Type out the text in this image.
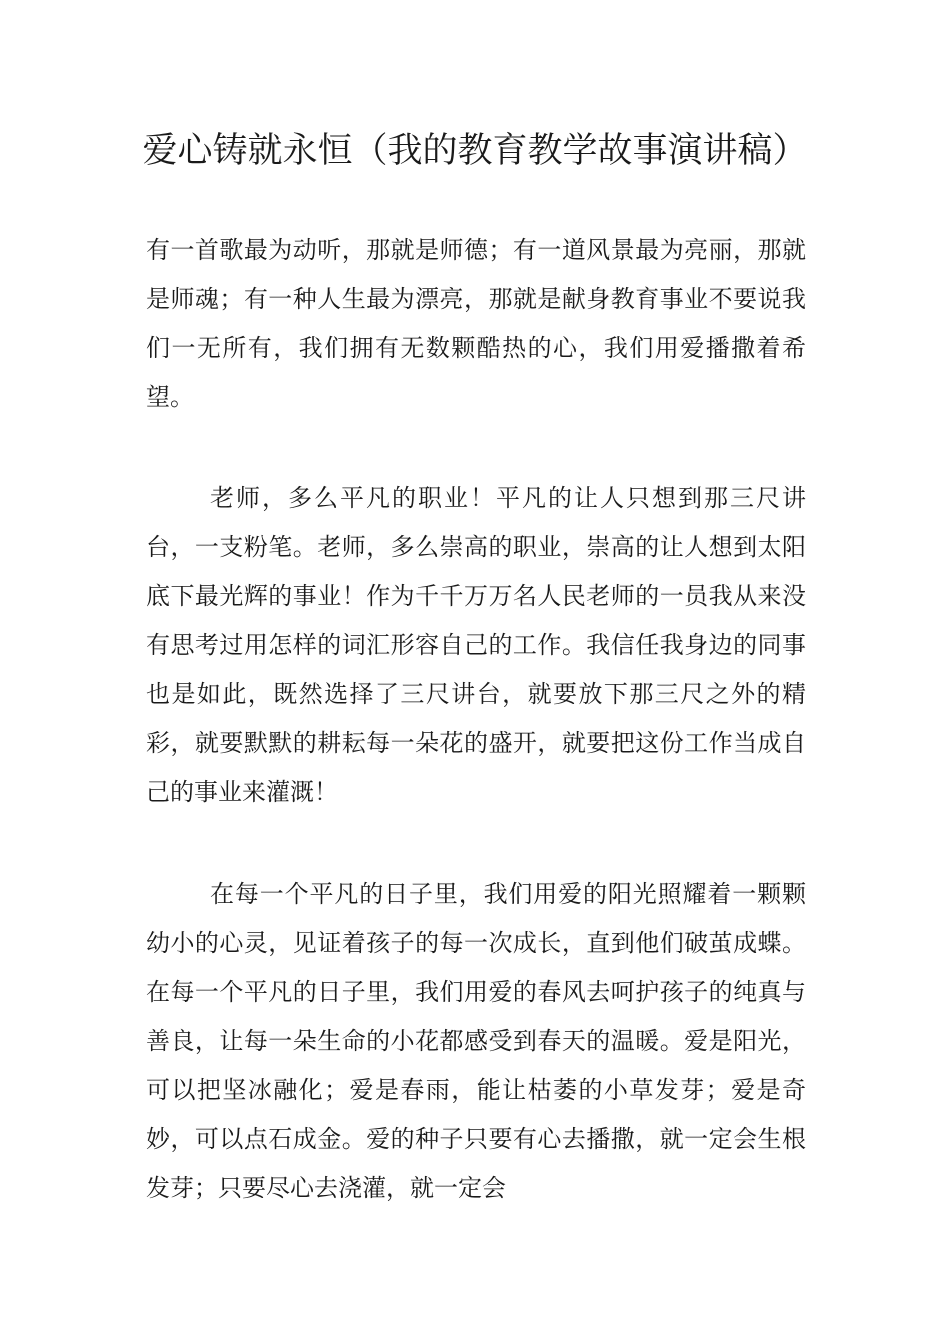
爱心铸就永恒（我的教育教学故事演讲稿）

有一首歌最为动听，那就是师德；有一道风景最为亮丽，那就是师魂；有一种人生最为漂亮，那就是献身教育事业不要说我们一无所有，我们拥有无数颗酷热的心，我们用爱播撒着希望。

老师，多么平凡的职业！平凡的让人只想到那三尺讲台，一支粉笔。老师，多么崇高的职业，崇高的让人想到太阳底下最光辉的事业！作为千千万万名人民老师的一员我从来没有思考过用怎样的词汇形容自己的工作。我信任我身边的同事也是如此，既然选择了三尺讲台，就要放下那三尺之外的精彩，就要默默的耕耘每一朵花的盛开，就要把这份工作当成自己的事业来灌溉！

在每一个平凡的日子里，我们用爱的阳光照耀着一颗颗幼小的心灵，见证着孩子的每一次成长，直到他们破茧成蝶。在每一个平凡的日子里，我们用爱的春风去呵护孩子的纯真与善良，让每一朵生命的小花都感受到春天的温暖。爱是阳光，可以把坚冰融化；爱是春雨，能让枯萎的小草发芽；爱是奇妙，可以点石成金。爱的种子只要有心去播撒，就一定会生根发芽；只要尽心去浇灌，就一定会
